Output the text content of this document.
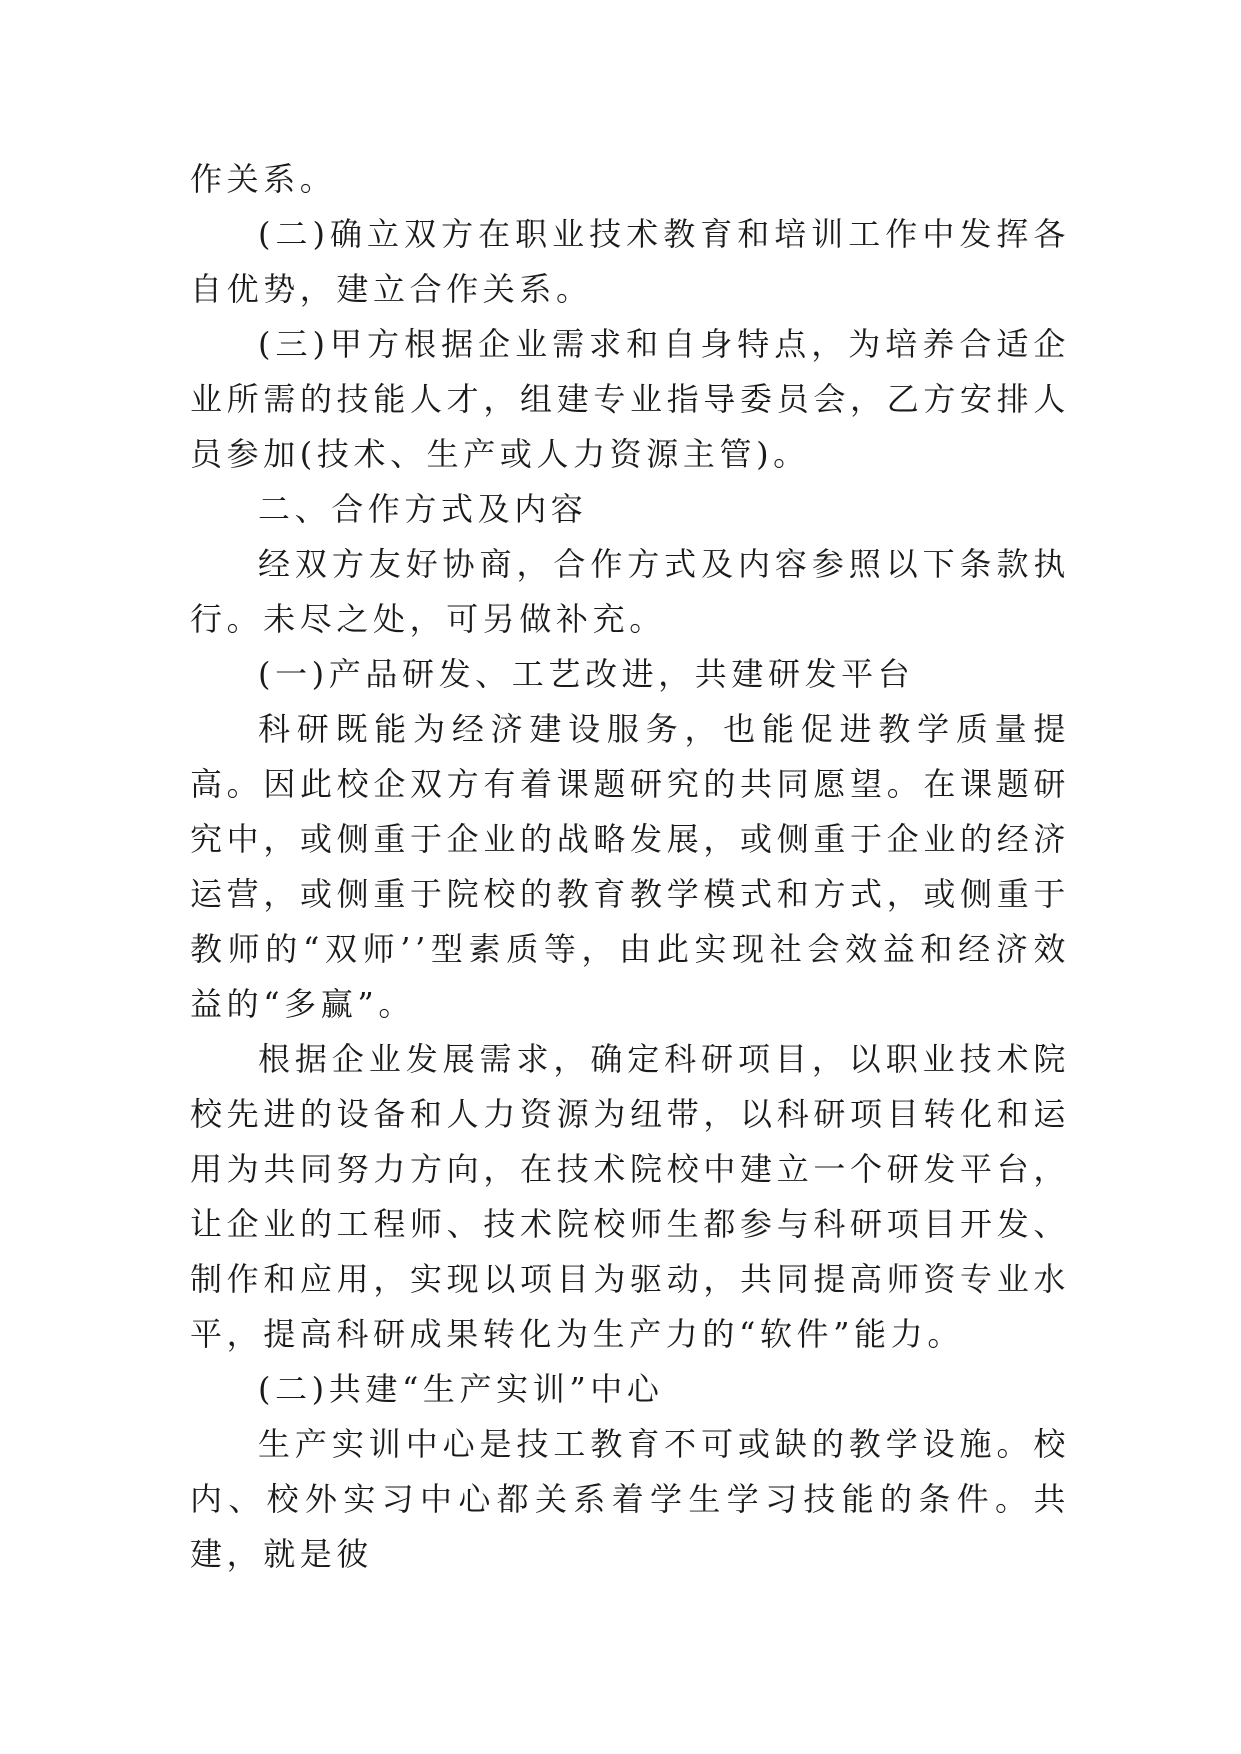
作关系。

(二)确立双方在职业技术教育和培训工作中发挥各自优势，建立合作关系。

(三)甲方根据企业需求和自身特点，为培养合适企业所需的技能人才，组建专业指导委员会，乙方安排人员参加(技术、生产或人力资源主管)。

二、合作方式及内容

经双方友好协商，合作方式及内容参照以下条款执行。未尽之处，可另做补充。

(一)产品研发、工艺改进，共建研发平台

科研既能为经济建设服务，也能促进教学质量提高。因此校企双方有着课题研究的共同愿望。在课题研究中，或侧重于企业的战略发展，或侧重于企业的经济运营，或侧重于院校的教育教学模式和方式，或侧重于教师的“双师’’型素质等，由此实现社会效益和经济效益的“多赢”。

根据企业发展需求，确定科研项目，以职业技术院校先进的设备和人力资源为纽带，以科研项目转化和运用为共同努力方向，在技术院校中建立一个研发平台，让企业的工程师、技术院校师生都参与科研项目开发、制作和应用，实现以项目为驱动，共同提高师资专业水平，提高科研成果转化为生产力的“软件”能力。

(二)共建“生产实训”中心

生产实训中心是技工教育不可或缺的教学设施。校内、校外实习中心都关系着学生学习技能的条件。共建，就是彼
